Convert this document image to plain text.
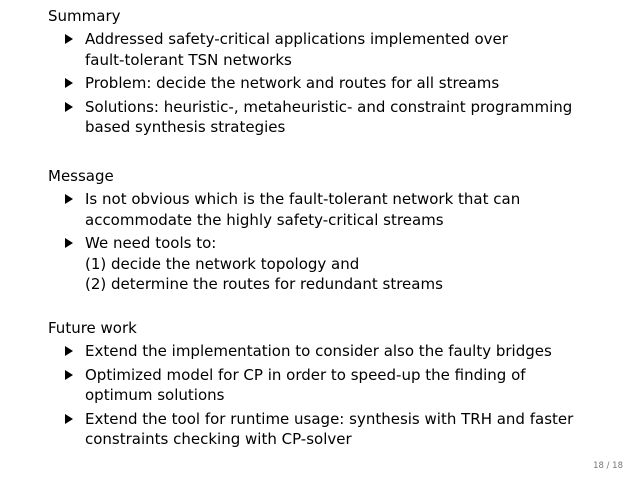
Summary
Addressed safety-critical applications implemented over
fault-tolerant TSN networks
Problem: decide the network and routes for all streams
Solutions: heuristic-, metaheuristic- and constraint programming
based synthesis strategies
Message
Is not obvious which is the fault-tolerant network that can
accommodate the highly safety-critical streams
We need tools to:
(1) decide the network topology and
(2) determine the routes for redundant streams
Future work
Extend the implementation to consider also the faulty bridges
Optimized model for CP in order to speed-up the finding of
optimum solutions
Extend the tool for runtime usage: synthesis with TRH and faster
constraints checking with CP-solver
18 / 18
